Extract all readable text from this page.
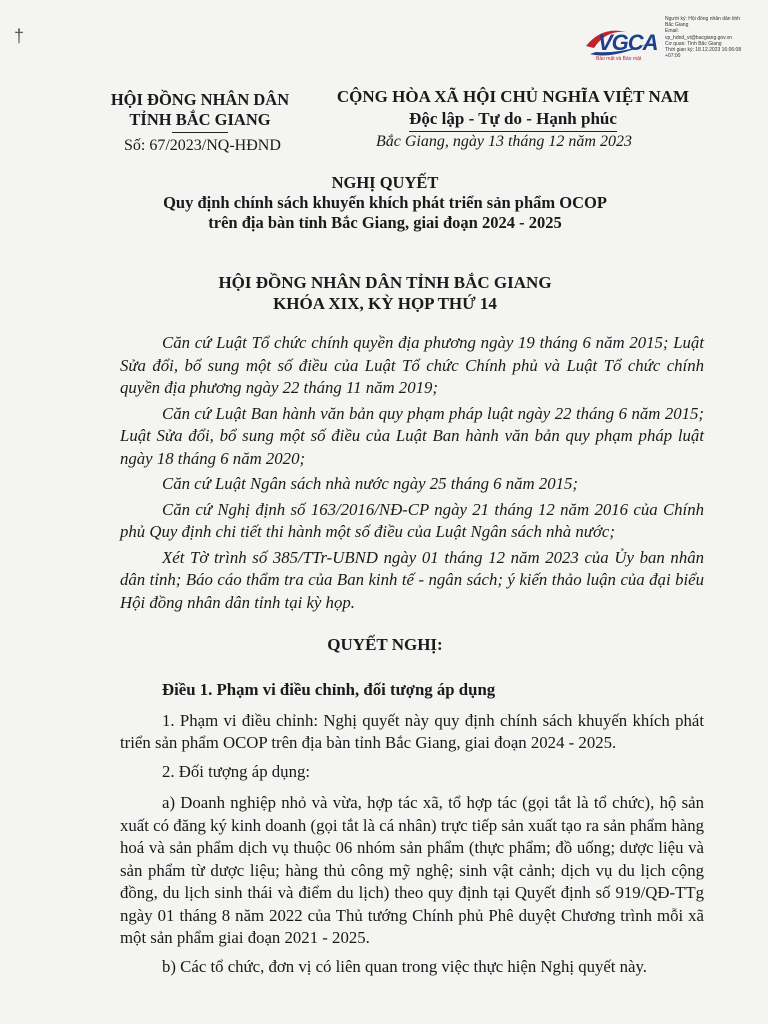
†	VGCA
Bảo mật và Bảo mật
Người ký: Hội đồng nhân dân tỉnh
Bắc Giang
Email:
vp_hdnd_vt@bacgiang.gov.vn
Cơ quan: Tỉnh Bắc Giang
Thời gian ký: 18.12.2023 16:06:08
+07:00
HỘI ĐỒNG NHÂN DÂN
TỈNH BẮC GIANG
CỘNG HÒA XÃ HỘI CHỦ NGHĨA VIỆT NAM
Độc lập - Tự do - Hạnh phúc
Số: 67/2023/NQ-HĐND	Bắc Giang, ngày 13 tháng 12 năm 2023
NGHỊ QUYẾT
Quy định chính sách khuyến khích phát triển sản phẩm OCOP
trên địa bàn tỉnh Bắc Giang, giai đoạn 2024 - 2025
HỘI ĐỒNG NHÂN DÂN TỈNH BẮC GIANG
KHÓA XIX, KỲ HỌP THỨ 14

Căn cứ Luật Tổ chức chính quyền địa phương ngày 19 tháng 6 năm 2015; Luật Sửa đổi, bổ sung một số điều của Luật Tổ chức Chính phủ và Luật Tổ chức chính quyền địa phương ngày 22 tháng 11 năm 2019;

Căn cứ Luật Ban hành văn bản quy phạm pháp luật ngày 22 tháng 6 năm 2015; Luật Sửa đổi, bổ sung một số điều của Luật Ban hành văn bản quy phạm pháp luật ngày 18 tháng 6 năm 2020;

Căn cứ Luật Ngân sách nhà nước ngày 25 tháng 6 năm 2015;

Căn cứ Nghị định số 163/2016/NĐ-CP ngày 21 tháng 12 năm 2016 của Chính phủ Quy định chi tiết thi hành một số điều của Luật Ngân sách nhà nước;

Xét Tờ trình số 385/TTr-UBND ngày 01 tháng 12 năm 2023 của Ủy ban nhân dân tỉnh; Báo cáo thẩm tra của Ban kinh tế - ngân sách; ý kiến thảo luận của đại biểu Hội đồng nhân dân tỉnh tại kỳ họp.

QUYẾT NGHỊ:

Điều 1. Phạm vi điều chỉnh, đối tượng áp dụng

1. Phạm vi điều chỉnh: Nghị quyết này quy định chính sách khuyến khích phát triển sản phẩm OCOP trên địa bàn tỉnh Bắc Giang, giai đoạn 2024 - 2025.

2. Đối tượng áp dụng:

a) Doanh nghiệp nhỏ và vừa, hợp tác xã, tổ hợp tác (gọi tắt là tổ chức), hộ sản xuất có đăng ký kinh doanh (gọi tắt là cá nhân) trực tiếp sản xuất tạo ra sản phẩm hàng hoá và sản phẩm dịch vụ thuộc 06 nhóm sản phẩm (thực phẩm; đồ uống; dược liệu và sản phẩm từ dược liệu; hàng thủ công mỹ nghệ; sinh vật cảnh; dịch vụ du lịch cộng đồng, du lịch sinh thái và điểm du lịch) theo quy định tại Quyết định số 919/QĐ-TTg ngày 01 tháng 8 năm 2022 của Thủ tướng Chính phủ Phê duyệt Chương trình mỗi xã một sản phẩm giai đoạn 2021 - 2025.

b) Các tổ chức, đơn vị có liên quan trong việc thực hiện Nghị quyết này.
